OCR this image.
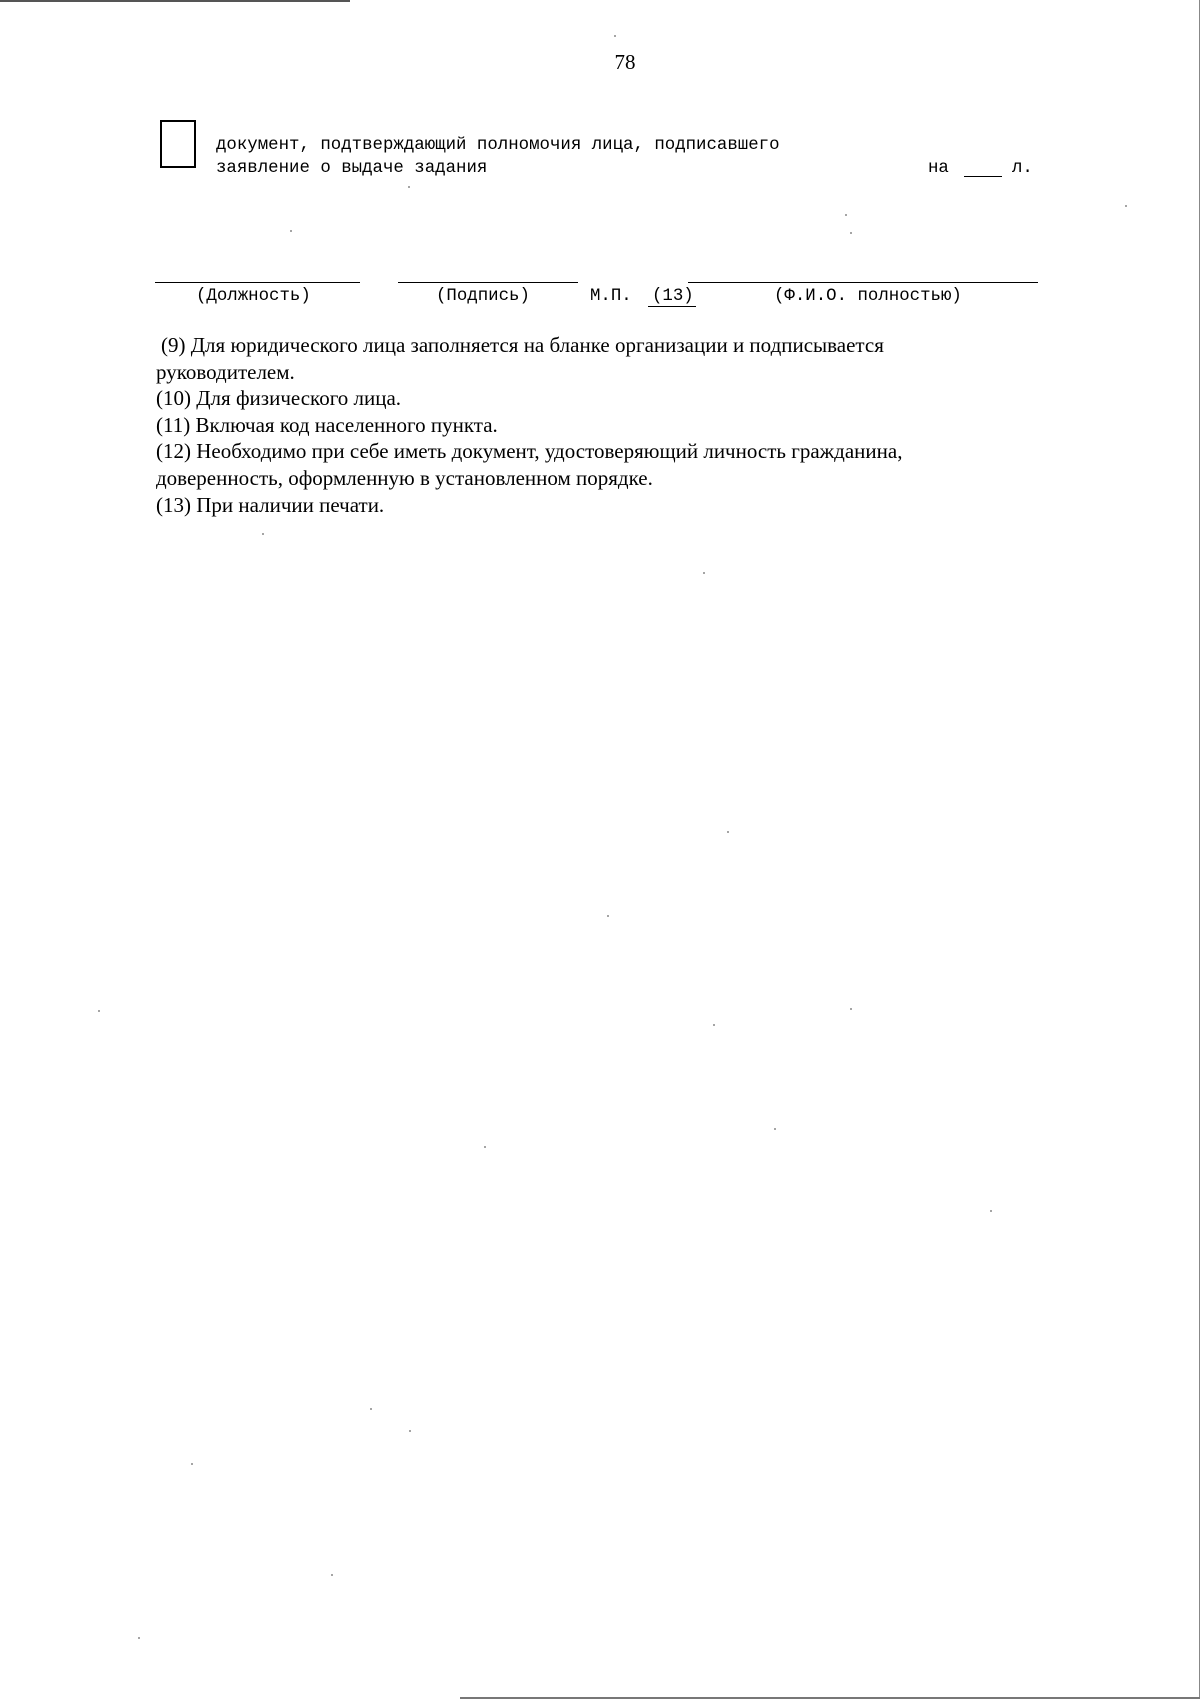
78
документ, подтверждающий полномочия лица, подписавшего
заявление о выдаче задания	на	л.
(Должность)	(Подпись)	М.П. (13)	(Ф.И.О. полностью)

(9) Для юридического лица заполняется на бланке организации и подписывается руководителем.

(10) Для физического лица.

(11) Включая код населенного пункта.

(12) Необходимо при себе иметь документ, удостоверяющий личность гражданина, доверенность, оформленную в установленном порядке.

(13) При наличии печати.
